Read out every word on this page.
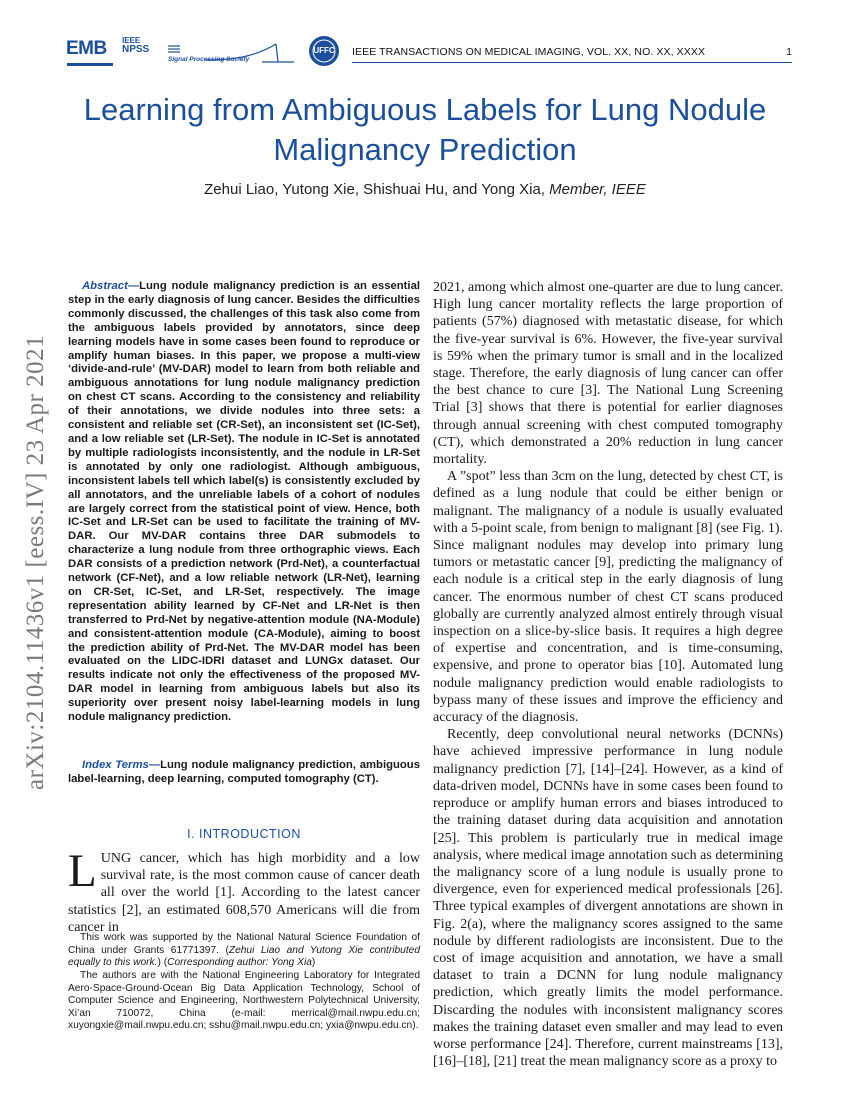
EMB	IEEE
NPSS
Signal Processing Society
UFFC	IEEE TRANSACTIONS ON MEDICAL IMAGING, VOL. XX, NO. XX, XXXX	1
Learning from Ambiguous Labels for Lung Nodule Malignancy Prediction
Zehui Liao, Yutong Xie, Shishuai Hu, and Yong Xia, Member, IEEE
arXiv:2104.11436v1 [eess.IV] 23 Apr 2021

Abstract—Lung nodule malignancy prediction is an essential step in the early diagnosis of lung cancer. Besides the difficulties commonly discussed, the challenges of this task also come from the ambiguous labels provided by annotators, since deep learning models have in some cases been found to reproduce or amplify human biases. In this paper, we propose a multi-view ‘divide-and-rule’ (MV-DAR) model to learn from both reliable and ambiguous annotations for lung nodule malignancy prediction on chest CT scans. According to the consistency and reliability of their annotations, we divide nodules into three sets: a consistent and reliable set (CR-Set), an inconsistent set (IC-Set), and a low reliable set (LR-Set). The nodule in IC-Set is annotated by multiple radiologists inconsistently, and the nodule in LR-Set is annotated by only one radiologist. Although ambiguous, inconsistent labels tell which label(s) is consistently excluded by all annotators, and the unreliable labels of a cohort of nodules are largely correct from the statistical point of view. Hence, both IC-Set and LR-Set can be used to facilitate the training of MV-DAR. Our MV-DAR contains three DAR submodels to characterize a lung nodule from three orthographic views. Each DAR consists of a prediction network (Prd-Net), a counterfactual network (CF-Net), and a low reliable network (LR-Net), learning on CR-Set, IC-Set, and LR-Set, respectively. The image representation ability learned by CF-Net and LR-Net is then transferred to Prd-Net by negative-attention module (NA-Module) and consistent-attention module (CA-Module), aiming to boost the prediction ability of Prd-Net. The MV-DAR model has been evaluated on the LIDC-IDRI dataset and LUNGx dataset. Our results indicate not only the effectiveness of the proposed MV-DAR model in learning from ambiguous labels but also its superiority over present noisy label-learning models in lung nodule malignancy prediction.

Index Terms—Lung nodule malignancy prediction, ambiguous label-learning, deep learning, computed tomography (CT).

I. INTRODUCTION

LUNG cancer, which has high morbidity and a low survival rate, is the most common cause of cancer death all over the world [1]. According to the latest cancer statistics [2], an estimated 608,570 Americans will die from cancer in

This work was supported by the National Natural Science Foundation of China under Grants 61771397. (Zehui Liao and Yutong Xie contributed equally to this work.) (Corresponding author: Yong Xia)

The authors are with the National Engineering Laboratory for Integrated Aero-Space-Ground-Ocean Big Data Application Technology, School of Computer Science and Engineering, Northwestern Polytechnical University, Xi’an 710072, China (e-mail: merrical@mail.nwpu.edu.cn; xuyongxie@mail.nwpu.edu.cn; sshu@mail.nwpu.edu.cn; yxia@nwpu.edu.cn).

2021, among which almost one-quarter are due to lung cancer. High lung cancer mortality reflects the large proportion of patients (57%) diagnosed with metastatic disease, for which the five-year survival is 6%. However, the five-year survival is 59% when the primary tumor is small and in the localized stage. Therefore, the early diagnosis of lung cancer can offer the best chance to cure [3]. The National Lung Screening Trial [3] shows that there is potential for earlier diagnoses through annual screening with chest computed tomography (CT), which demonstrated a 20% reduction in lung cancer mortality.

A ”spot” less than 3cm on the lung, detected by chest CT, is defined as a lung nodule that could be either benign or malignant. The malignancy of a nodule is usually evaluated with a 5-point scale, from benign to malignant [8] (see Fig. 1). Since malignant nodules may develop into primary lung tumors or metastatic cancer [9], predicting the malignancy of each nodule is a critical step in the early diagnosis of lung cancer. The enormous number of chest CT scans produced globally are currently analyzed almost entirely through visual inspection on a slice-by-slice basis. It requires a high degree of expertise and concentration, and is time-consuming, expensive, and prone to operator bias [10]. Automated lung nodule malignancy prediction would enable radiologists to bypass many of these issues and improve the efficiency and accuracy of the diagnosis.

Recently, deep convolutional neural networks (DCNNs) have achieved impressive performance in lung nodule malignancy prediction [7], [14]–[24]. However, as a kind of data-driven model, DCNNs have in some cases been found to reproduce or amplify human errors and biases introduced to the training dataset during data acquisition and annotation [25]. This problem is particularly true in medical image analysis, where medical image annotation such as determining the malignancy score of a lung nodule is usually prone to divergence, even for experienced medical professionals [26]. Three typical examples of divergent annotations are shown in Fig. 2(a), where the malignancy scores assigned to the same nodule by different radiologists are inconsistent. Due to the cost of image acquisition and annotation, we have a small dataset to train a DCNN for lung nodule malignancy prediction, which greatly limits the model performance. Discarding the nodules with inconsistent malignancy scores makes the training dataset even smaller and may lead to even worse performance [24]. Therefore, current mainstreams [13], [16]–[18], [21] treat the mean malignancy score as a proxy to
